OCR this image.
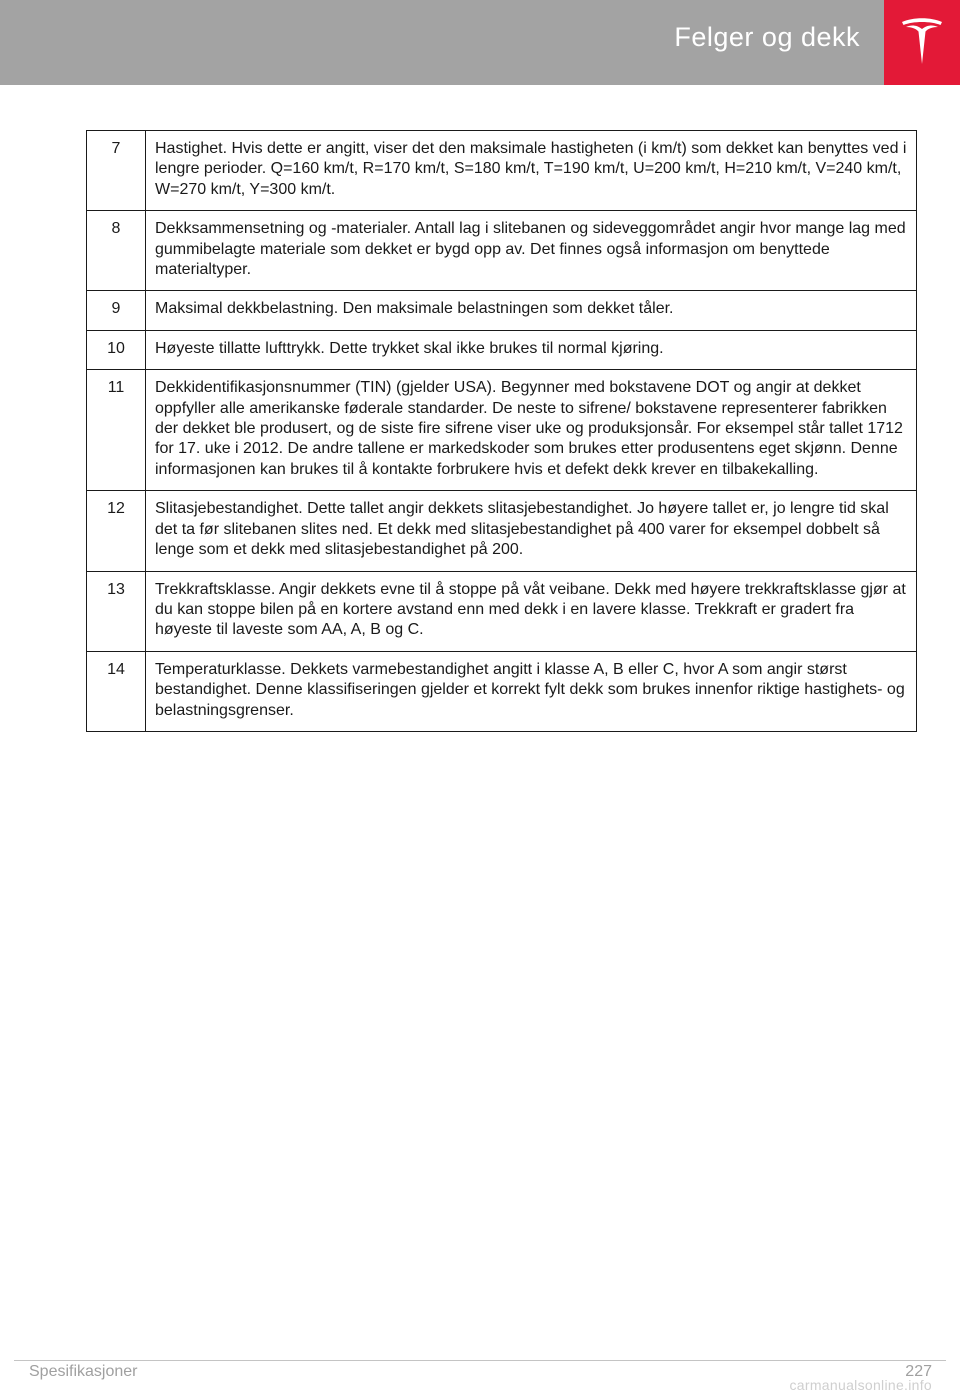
Felger og dekk
7	Hastighet. Hvis dette er angitt, viser det den maksimale hastigheten (i km/t) som dekket kan benyttes ved i lengre perioder. Q=160 km/t, R=170 km/t, S=180 km/t, T=190 km/t, U=200 km/t, H=210 km/t, V=240 km/t, W=270 km/t, Y=300 km/t.
8	Dekksammensetning og -materialer. Antall lag i slitebanen og sideveggområdet angir hvor mange lag med gummibelagte materiale som dekket er bygd opp av. Det finnes også informasjon om benyttede materialtyper.
9	Maksimal dekkbelastning. Den maksimale belastningen som dekket tåler.
10	Høyeste tillatte lufttrykk. Dette trykket skal ikke brukes til normal kjøring.
11	Dekkidentifikasjonsnummer (TIN) (gjelder USA). Begynner med bokstavene DOT og angir at dekket oppfyller alle amerikanske føderale standarder. De neste to sifrene/ bokstavene representerer fabrikken der dekket ble produsert, og de siste fire sifrene viser uke og produksjonsår. For eksempel står tallet 1712 for 17. uke i 2012. De andre tallene er markedskoder som brukes etter produsentens eget skjønn. Denne informasjonen kan brukes til å kontakte forbrukere hvis et defekt dekk krever en tilbakekalling.
12	Slitasjebestandighet. Dette tallet angir dekkets slitasjebestandighet. Jo høyere tallet er, jo lengre tid skal det ta før slitebanen slites ned. Et dekk med slitasjebestandighet på 400 varer for eksempel dobbelt så lenge som et dekk med slitasjebestandighet på 200.
13	Trekkraftsklasse. Angir dekkets evne til å stoppe på våt veibane. Dekk med høyere trekkraftsklasse gjør at du kan stoppe bilen på en kortere avstand enn med dekk i en lavere klasse. Trekkraft er gradert fra høyeste til laveste som AA, A, B og C.
14	Temperaturklasse. Dekkets varmebestandighet angitt i klasse A, B eller C, hvor A som angir størst bestandighet. Denne klassifiseringen gjelder et korrekt fylt dekk som brukes innenfor riktige hastighets- og belastningsgrenser.
Spesifikasjoner	227
carmanualsonline.info
